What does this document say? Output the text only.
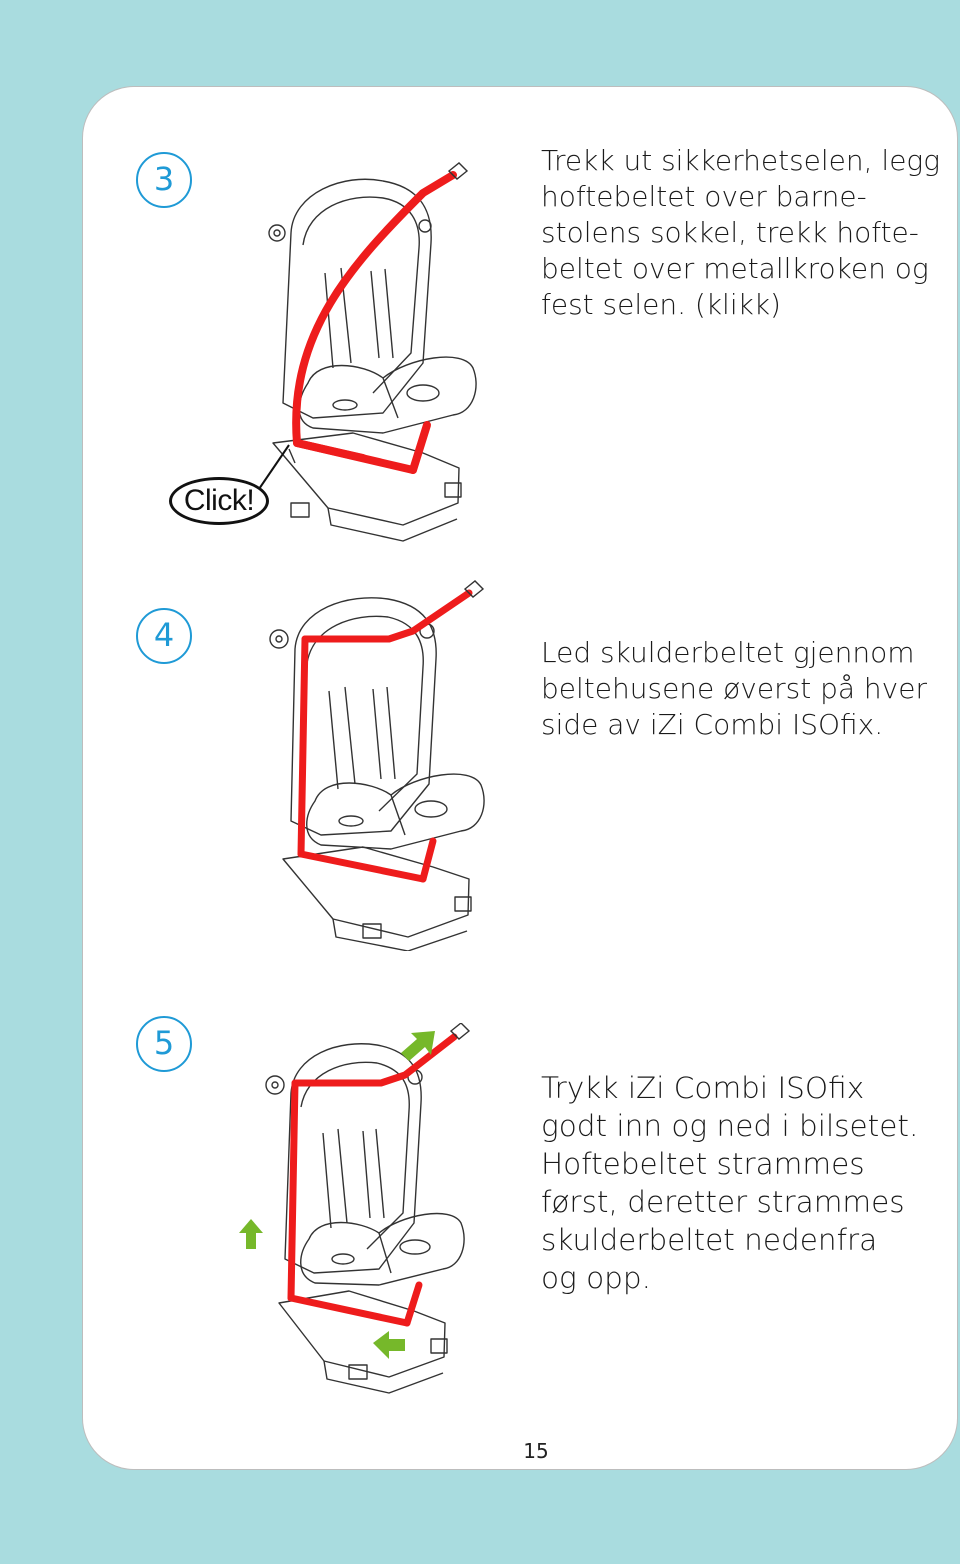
3	Trekk ut sikkerhetselen, legg
hoftebeltet over barne-
stolens sokkel, trekk hofte-
beltet over metallkroken og
fest selen. (klikk)
Click!
4	Led skulderbeltet gjennom
beltehusene øverst på hver
side av iZi Combi ISOfix.
5
Trykk iZi Combi ISOfix
godt inn og ned i bilsetet.
Hoftebeltet strammes
først, deretter strammes
skulderbeltet nedenfra
og opp.
15
